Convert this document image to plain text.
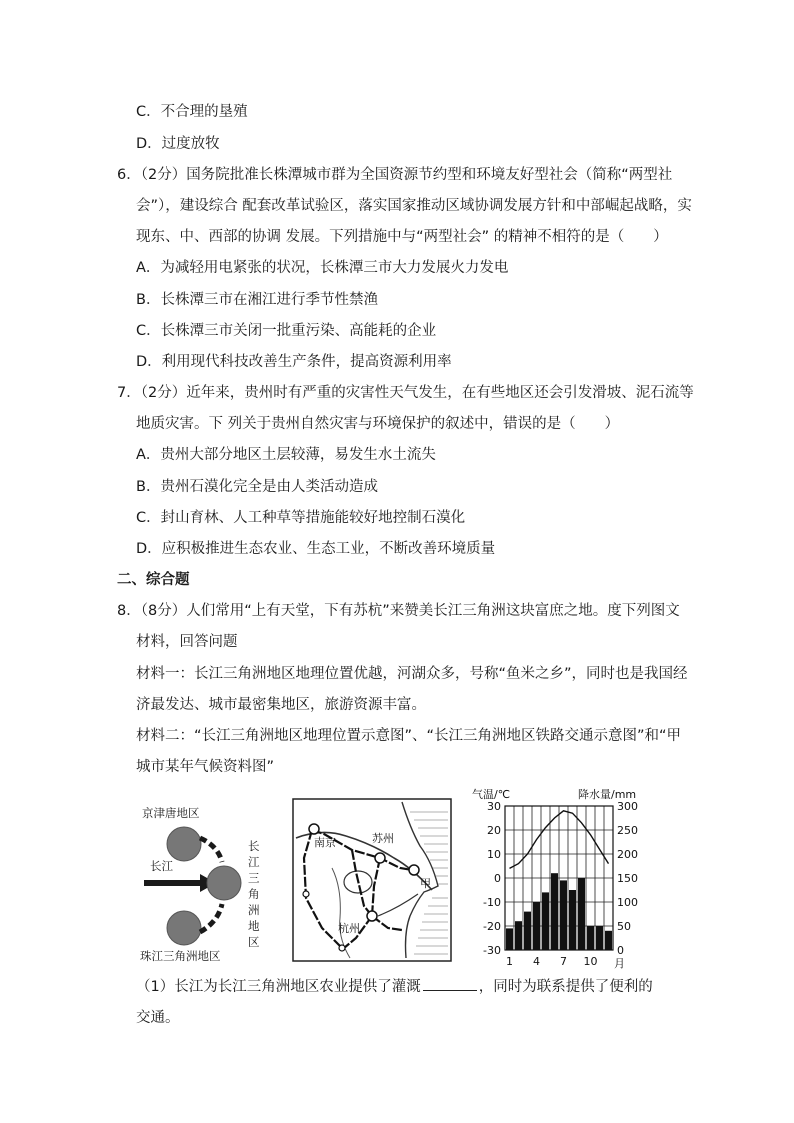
C．不合理的垦殖
D．过度放牧
6．（2分）国务院批准长株潭城市群为全国资源节约型和环境友好型社会（简称“两型社
会”），建设综合 配套改革试验区，落实国家推动区域协调发展方针和中部崛起战略，实
现东、中、西部的协调 发展。下列措施中与“两型社会” 的精神不相符的是（　　）
A．为减轻用电紧张的状况，长株潭三市大力发展火力发电
B．长株潭三市在湘江进行季节性禁渔
C．长株潭三市关闭一批重污染、高能耗的企业
D．利用现代科技改善生产条件，提高资源利用率
7．（2分）近年来，贵州时有严重的灾害性天气发生，在有些地区还会引发滑坡、泥石流等
地质灾害。下 列关于贵州自然灾害与环境保护的叙述中，错误的是（　　）
A．贵州大部分地区土层较薄，易发生水土流失
B．贵州石漠化完全是由人类活动造成
C．封山育林、人工种草等措施能较好地控制石漠化
D．应积极推进生态农业、生态工业，不断改善环境质量
二、综合题
8．（8分）人们常用“上有天堂，下有苏杭”来赞美长江三角洲这块富庶之地。度下列图文
材料，回答问题
材料一：长江三角洲地区地理位置优越，河湖众多，号称“鱼米之乡”，同时也是我国经
济最发达、城市最密集地区，旅游资源丰富。
材料二：“长江三角洲地区地理位置示意图”、“长江三角洲地区铁路交通示意图”和“甲
城市某年气候资料图”
京津唐地区
长江
珠江三角洲地区
长
江
三
角
洲
地
区
南京	苏州
甲
杭州
气温/℃	降水量/mm
30
20
10
0
-10
-20
-30
300
250
200
150
100
50
0
1 4 7 10 月
（1）长江为长江三角洲地区农业提供了灌溉	，同时为联系提供了便利的
交通。
